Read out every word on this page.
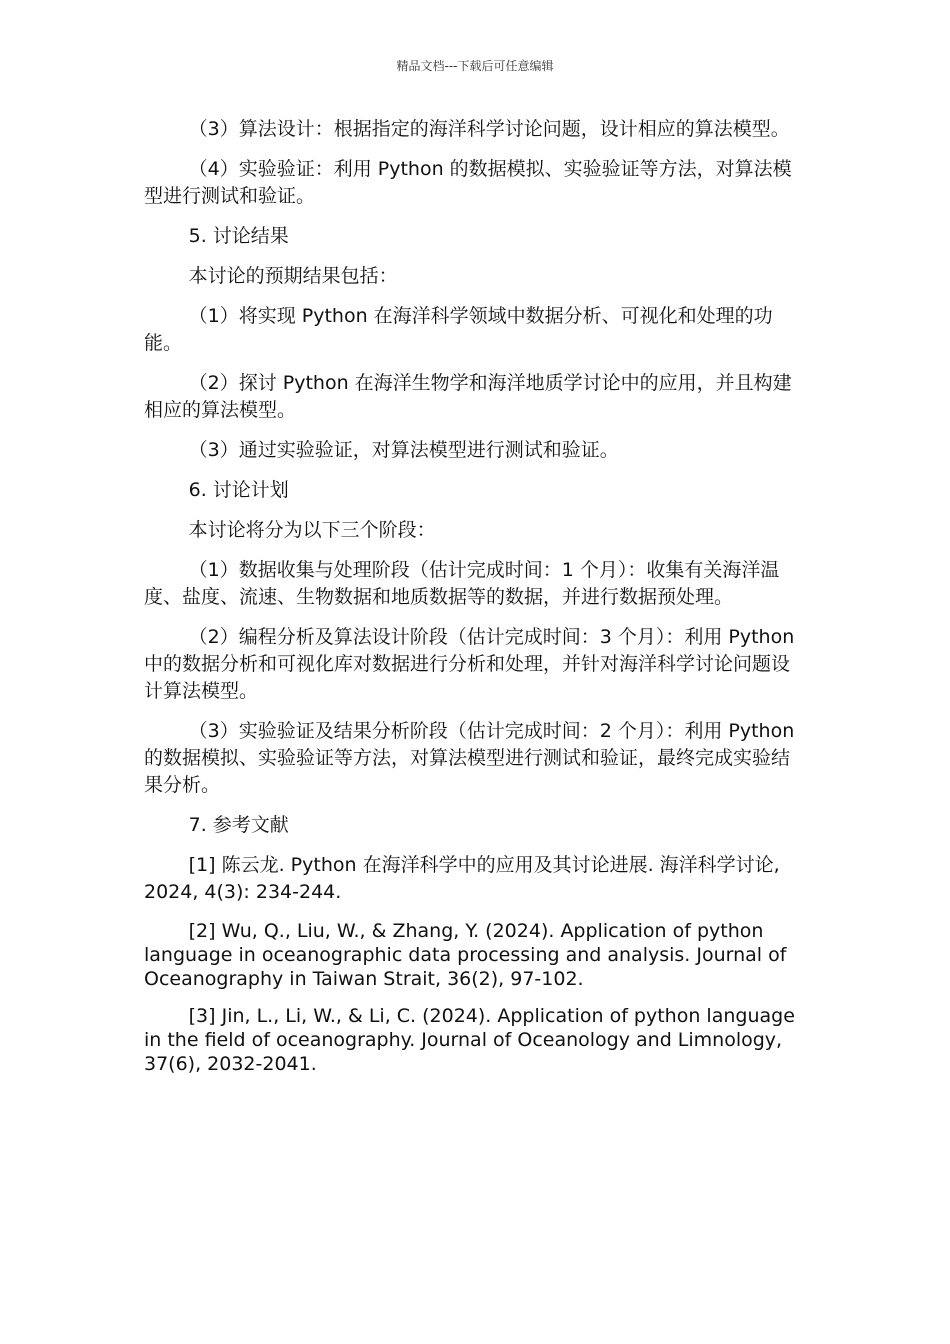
精品文档---下载后可任意编辑

（3）算法设计：根据指定的海洋科学讨论问题，设计相应的算法模型。

（4）实验验证：利用 Python 的数据模拟、实验验证等方法，对算法模型进行测试和验证。

5. 讨论结果

本讨论的预期结果包括：

（1）将实现 Python 在海洋科学领域中数据分析、可视化和处理的功能。

（2）探讨 Python 在海洋生物学和海洋地质学讨论中的应用，并且构建相应的算法模型。

（3）通过实验验证，对算法模型进行测试和验证。

6. 讨论计划

本讨论将分为以下三个阶段：

（1）数据收集与处理阶段（估计完成时间：1 个月）：收集有关海洋温度、盐度、流速、生物数据和地质数据等的数据，并进行数据预处理。

（2）编程分析及算法设计阶段（估计完成时间：3 个月）：利用 Python 中的数据分析和可视化库对数据进行分析和处理，并针对海洋科学讨论问题设计算法模型。

（3）实验验证及结果分析阶段（估计完成时间：2 个月）：利用 Python 的数据模拟、实验验证等方法，对算法模型进行测试和验证，最终完成实验结果分析。

7. 参考文献

[1] 陈云龙. Python 在海洋科学中的应用及其讨论进展. 海洋科学讨论, 2024, 4(3): 234-244.

[2] Wu, Q., Liu, W., & Zhang, Y. (2024). Application of python language in oceanographic data processing and analysis. Journal of Oceanography in Taiwan Strait, 36(2), 97-102.

[3] Jin, L., Li, W., & Li, C. (2024). Application of python language in the field of oceanography. Journal of Oceanology and Limnology, 37(6), 2032-2041.
